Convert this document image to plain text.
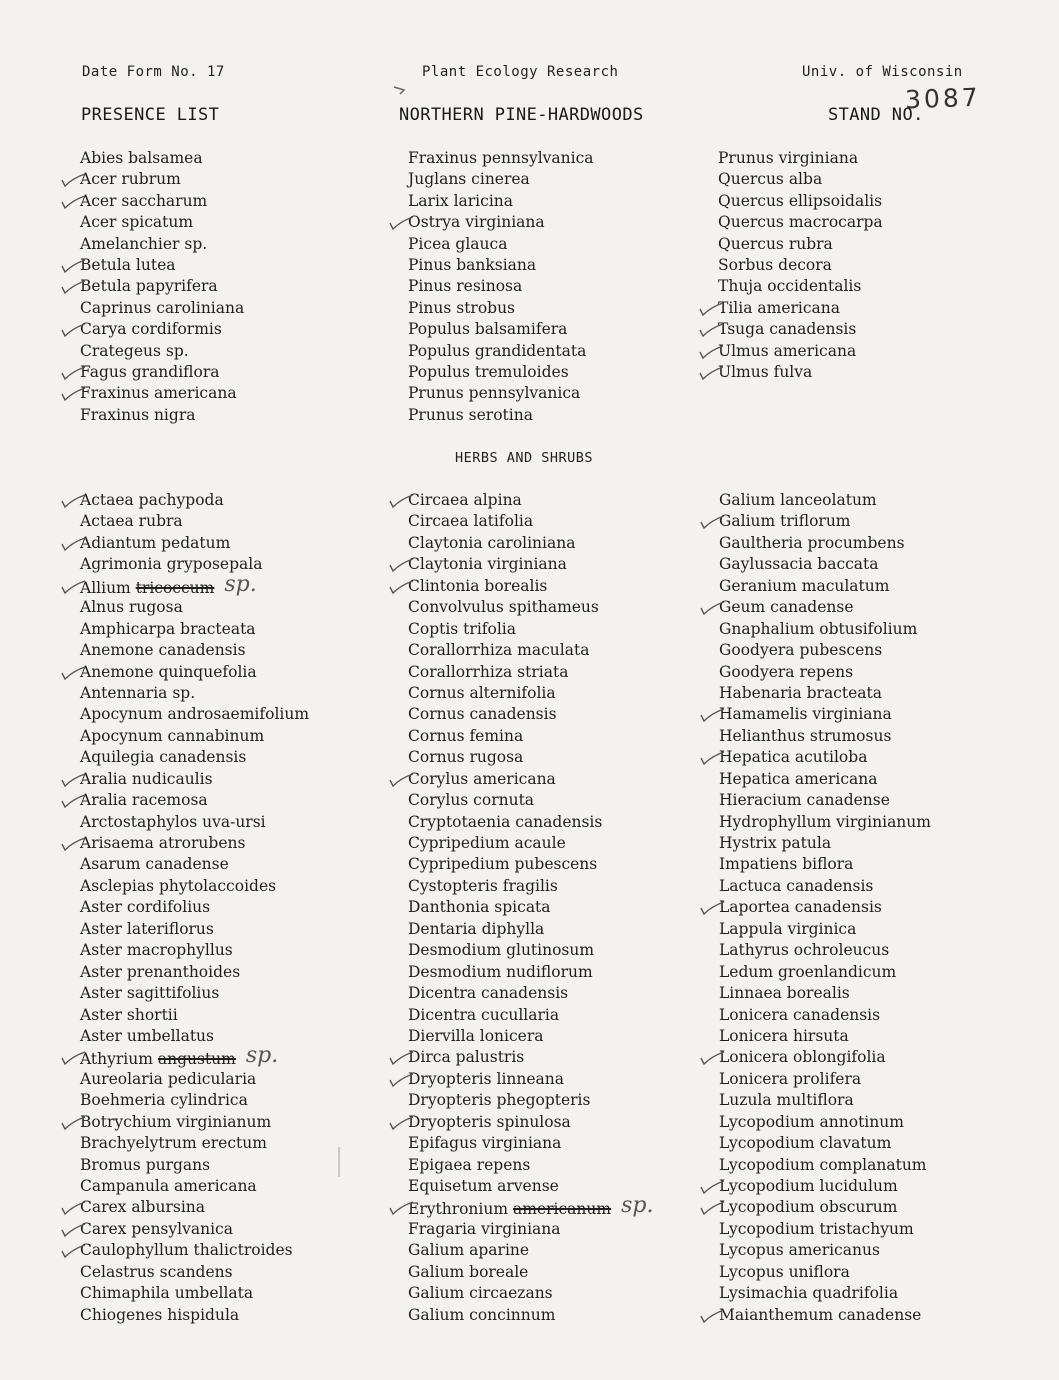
Date Form No. 17	Plant Ecology Research	Univ. of Wisconsin
PRESENCE LIST	NORTHERN PINE-HARDWOODS	STAND NO.
3087
Abies balsamea
Acer rubrum
Acer saccharum
Acer spicatum
Amelanchier sp.
Betula lutea
Betula papyrifera
Caprinus caroliniana
Carya cordiformis
Crategeus sp.
Fagus grandiflora
Fraxinus americana
Fraxinus nigra
Fraxinus pennsylvanica
Juglans cinerea
Larix laricina
Ostrya virginiana
Picea glauca
Pinus banksiana
Pinus resinosa
Pinus strobus
Populus balsamifera
Populus grandidentata
Populus tremuloides
Prunus pennsylvanica
Prunus serotina
Prunus virginiana
Quercus alba
Quercus ellipsoidalis
Quercus macrocarpa
Quercus rubra
Sorbus decora
Thuja occidentalis
Tilia americana
Tsuga canadensis
Ulmus americana
Ulmus fulva
HERBS AND SHRUBS
Actaea pachypoda
Actaea rubra
Adiantum pedatum
Agrimonia gryposepala
Allium tricoccum sp.
Alnus rugosa
Amphicarpa bracteata
Anemone canadensis
Anemone quinquefolia
Antennaria sp.
Apocynum androsaemifolium
Apocynum cannabinum
Aquilegia canadensis
Aralia nudicaulis
Aralia racemosa
Arctostaphylos uva-ursi
Arisaema atrorubens
Asarum canadense
Asclepias phytolaccoides
Aster cordifolius
Aster lateriflorus
Aster macrophyllus
Aster prenanthoides
Aster sagittifolius
Aster shortii
Aster umbellatus
Athyrium angustum sp.
Aureolaria pedicularia
Boehmeria cylindrica
Botrychium virginianum
Brachyelytrum erectum
Bromus purgans
Campanula americana
Carex albursina
Carex pensylvanica
Caulophyllum thalictroides
Celastrus scandens
Chimaphila umbellata
Chiogenes hispidula
Circaea alpina
Circaea latifolia
Claytonia caroliniana
Claytonia virginiana
Clintonia borealis
Convolvulus spithameus
Coptis trifolia
Corallorrhiza maculata
Corallorrhiza striata
Cornus alternifolia
Cornus canadensis
Cornus femina
Cornus rugosa
Corylus americana
Corylus cornuta
Cryptotaenia canadensis
Cypripedium acaule
Cypripedium pubescens
Cystopteris fragilis
Danthonia spicata
Dentaria diphylla
Desmodium glutinosum
Desmodium nudiflorum
Dicentra canadensis
Dicentra cucullaria
Diervilla lonicera
Dirca palustris
Dryopteris linneana
Dryopteris phegopteris
Dryopteris spinulosa
Epifagus virginiana
Epigaea repens
Equisetum arvense
Erythronium americanum sp.
Fragaria virginiana
Galium aparine
Galium boreale
Galium circaezans
Galium concinnum
Galium lanceolatum
Galium triflorum
Gaultheria procumbens
Gaylussacia baccata
Geranium maculatum
Geum canadense
Gnaphalium obtusifolium
Goodyera pubescens
Goodyera repens
Habenaria bracteata
Hamamelis virginiana
Helianthus strumosus
Hepatica acutiloba
Hepatica americana
Hieracium canadense
Hydrophyllum virginianum
Hystrix patula
Impatiens biflora
Lactuca canadensis
Laportea canadensis
Lappula virginica
Lathyrus ochroleucus
Ledum groenlandicum
Linnaea borealis
Lonicera canadensis
Lonicera hirsuta
Lonicera oblongifolia
Lonicera prolifera
Luzula multiflora
Lycopodium annotinum
Lycopodium clavatum
Lycopodium complanatum
Lycopodium lucidulum
Lycopodium obscurum
Lycopodium tristachyum
Lycopus americanus
Lycopus uniflora
Lysimachia quadrifolia
Maianthemum canadense
